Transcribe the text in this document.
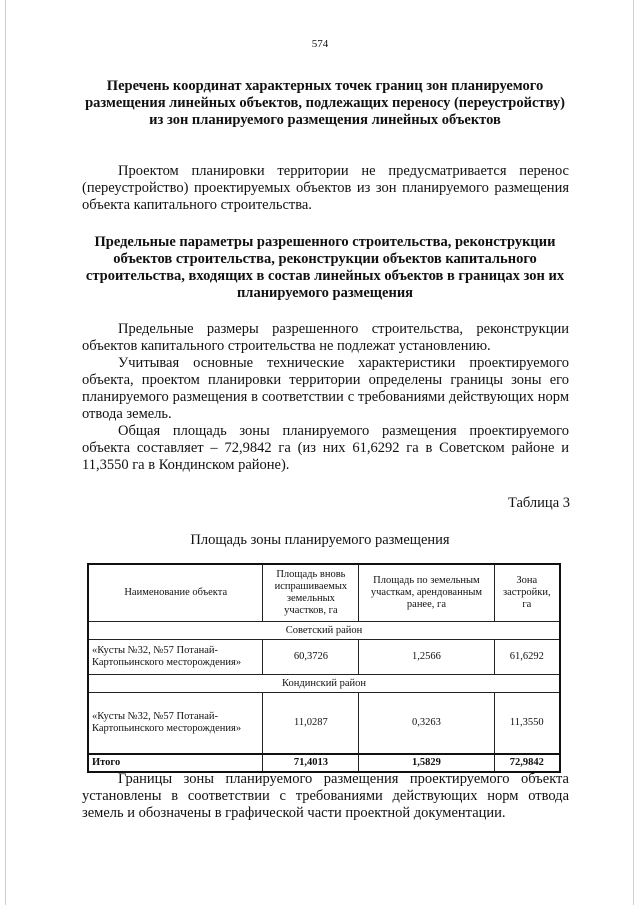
574

Перечень координат характерных точек границ зон планируемого размещения линейных объектов, подлежащих переносу (переустройству) из зон планируемого размещения линейных объектов

Проектом планировки территории не предусматривается перенос (переустройство) проектируемых объектов из зон планируемого размещения объекта капитального строительства.

Предельные параметры разрешенного строительства, реконструкции объектов строительства, реконструкции объектов капитального строительства, входящих в состав линейных объектов в границах зон их планируемого размещения

Предельные размеры разрешенного строительства, реконструкции объектов капитального строительства не подлежат установлению.

Учитывая основные технические характеристики проектируемого объекта, проектом планировки территории определены границы зоны его планируемого размещения в соответствии с требованиями действующих норм отвода земель.

Общая площадь зоны планируемого размещения проектируемого объекта составляет – 72,9842 га (из них 61,6292 га в Советском районе и 11,3550 га в Кондинском районе).

Таблица 3
Площадь зоны планируемого размещения
Наименование объекта	Площадь вновь испрашиваемых земельных участков, га	Площадь по земельным участкам, арендованным ранее, га	Зона застройки, га
Советский район			
«Кусты №32, №57 Потанай-Картопьинского месторождения»	60,3726	1,2566	61,6292
Кондинский район			
«Кусты №32, №57 Потанай-Картопьинского месторождения»	11,0287	0,3263	11,3550
Итого	71,4013	1,5829	72,9842

Границы зоны планируемого размещения проектируемого объекта установлены в соответствии с требованиями действующих норм отвода земель и обозначены в графической части проектной документации.
